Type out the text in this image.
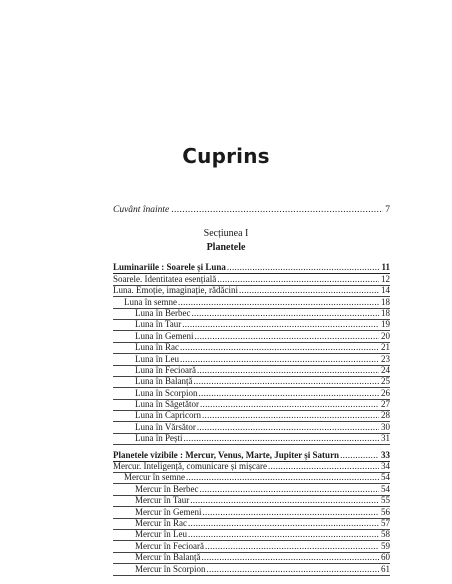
Cuprins
Cuvânt înainte .....	7
Secțiunea I
Planetele
Luminariile : Soarele și Luna .....	11
Soarele. Identitatea esențială .....	12
Luna. Emoție, imaginație, rădăcini .....	14
Luna în semne .....	18
Luna în Berbec .....	18
Luna în Taur .....	19
Luna în Gemeni .....	20
Luna în Rac .....	21
Luna în Leu .....	23
Luna în Fecioară .....	24
Luna în Balanță .....	25
Luna în Scorpion .....	26
Luna în Săgetător .....	27
Luna în Capricorn .....	28
Luna în Vărsător .....	30
Luna în Pești .....	31
Planetele vizibile : Mercur, Venus, Marte, Jupiter și Saturn .....	33
Mercur. Inteligență, comunicare și mișcare .....	34
Mercur în semne .....	54
Mercur în Berbec .....	54
Mercur în Taur .....	55
Mercur în Gemeni .....	56
Mercur în Rac .....	57
Mercur în Leu .....	58
Mercur în Fecioară .....	59
Mercur în Balanță .....	60
Mercur în Scorpion .....	61
